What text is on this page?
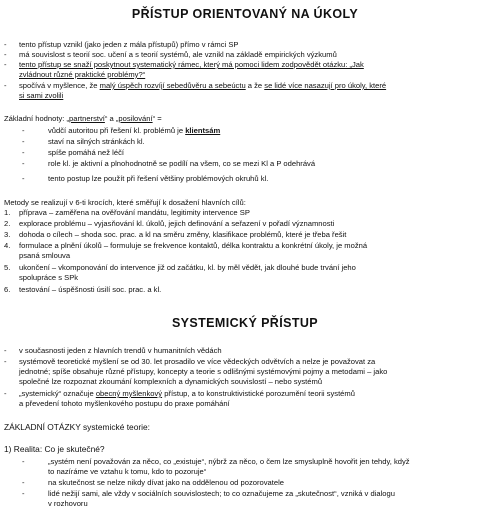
PŘÍSTUP ORIENTOVANÝ NA ÚKOLY
- tento přístup vznikl (jako jeden z mála přístupů) přímo v rámci SP
- má souvislost s teorií soc. učení a s teorií systémů, ale vznikl na základě empirických výzkumů
- tento přístup se snaží poskytnout systematický rámec, který má pomoci lidem zodpovědět otázku: „Jak
zvládnout různé praktické problémy?“
- spočívá v myšlence, že malý úspěch rozvíjí sebedůvěru a sebeúctu a že se lidé více nasazují pro úkoly, které
si sami zvolili
Základní hodnoty: „partnerství“ a „posilování“ =
-	vůdčí autoritou při řešení kl. problémů je klientsám
-	staví na silných stránkách kl.
-	spíše pomáhá než léčí
-	role kl. je aktivní a plnohodnotně se podílí na všem, co se mezi Kl a P odehrává
-	tento postup lze použít při řešení většiny problémových okruhů kl.
Metody se realizují v 6-ti krocích, které směřují k dosažení hlavních cílů:
1. příprava – zaměřena na ověřování mandátu, legitimity intervence SP
2. explorace problému – vyjasňování kl. úkolů, jejich definování a seřazení v pořadí významnosti
3. dohoda o cílech – shoda soc. prac. a kl na směru změny, klasifikace problémů, které je třeba řešit
4. formulace a plnění úkolů – formuluje se frekvence kontaktů, délka kontraktu a konkrétní úkoly, je možná
psaná smlouva
5. ukončení – vkomponování do intervence již od začátku, kl. by měl vědět, jak dlouhé bude trvání jeho
spolupráce s SPk
6. testování – úspěšnosti úsilí soc. prac. a kl.
SYSTEMICKÝ PŘÍSTUP
- v současnosti jeden z hlavních trendů v humanitních vědách
- systémově teoretické myšlení se od 30. let prosadilo ve více vědeckých odvětvích a nelze je považovat za
jednotné; spíše obsahuje různé přístupy, koncepty a teorie s odlišnými systémovými pojmy a metodami – jako
společné lze rozpoznat zkoumání komplexních a dynamických souvislostí – nebo systémů
- „systemický“ označuje obecný myšlenkový přístup, a to konstruktivistické porozumění teorii systémů
a převedení tohoto myšlenkového postupu do praxe pomáhání
ZÁKLADNÍ OTÁZKY systemické teorie:
1) Realita: Co je skutečné?
-	„systém není považován za něco, co „existuje“, nýbrž za něco, o čem lze smysluplně hovořit jen tehdy, když
to nazíráme ve vztahu k tomu, kdo to pozoruje“
-	na skutečnost se nelze nikdy dívat jako na oddělenou od pozorovatele
-	lidé nežijí sami, ale vždy v sociálních souvislostech; to co označujeme za „skutečnost“, vzniká v dialogu
v rozhovoru
